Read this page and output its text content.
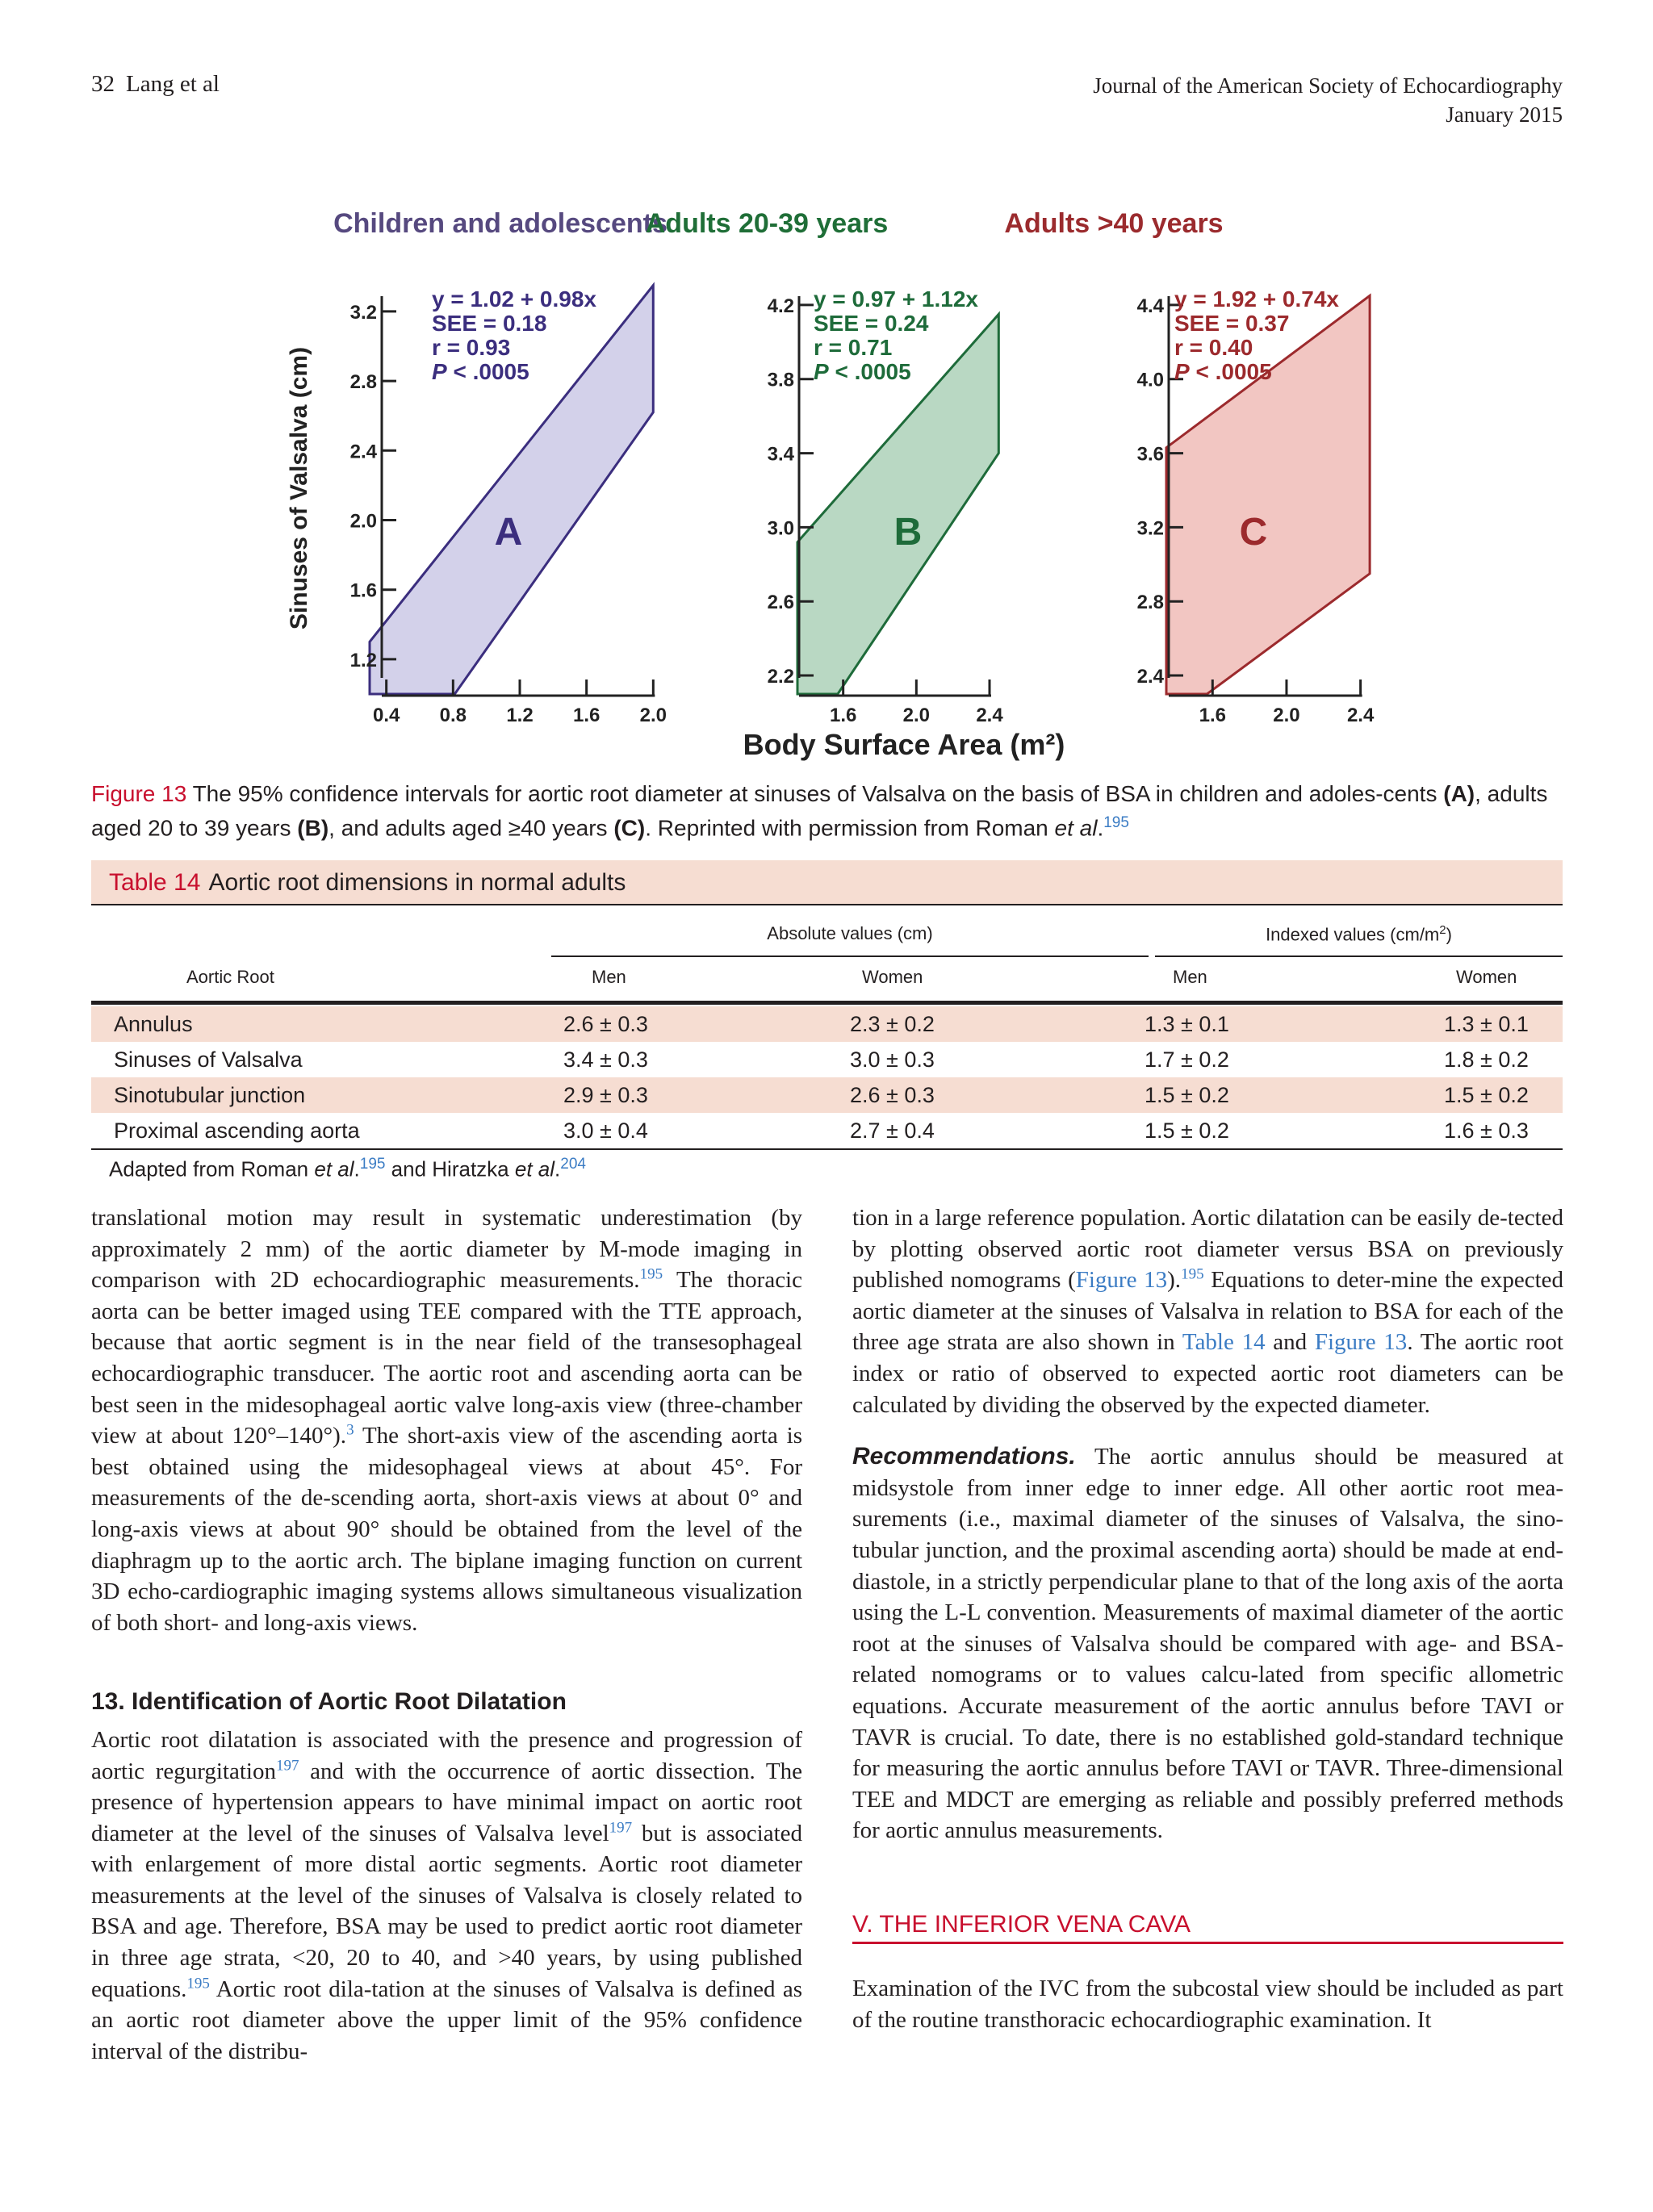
32 Lang et al	Journal of the American Society of Echocardiography
January 2015
Children and adolescents
1.2
1.6
2.0
2.4
2.8
3.2
0.4 0.8 1.2 1.6 2.0
y = 1.02 + 0.98x
SEE = 0.18
r = 0.93
P < .0005
A
Adults 20-39 years
2.2
2.6
3.0
3.4
3.8
4.2
1.6 2.0 2.4
y = 0.97 + 1.12x
SEE = 0.24
r = 0.71
P < .0005
B
Adults >40 years
2.4
2.8
3.2
3.6
4.0
4.4
1.6 2.0 2.4
y = 1.92 + 0.74x
SEE = 0.37
r = 0.40
P < .0005
C
Sinuses of Valsalva (cm)
Body Surface Area (m²)
Figure 13 The 95% confidence intervals for aortic root diameter at sinuses of Valsalva on the basis of BSA in children and adoles-cents (A), adults aged 20 to 39 years (B), and adults aged ≥40 years (C). Reprinted with permission from Roman et al.$^{195}$
Table 14 Aortic root dimensions in normal adults
Absolute values (cm)	Indexed values $(cm/m^2)$
Aortic Root	Men	Women	Men	Women
Annulus	2.6 ± 0.3	2.3 ± 0.2	1.3 ± 0.1	1.3 ± 0.1
Sinuses of Valsalva	3.4 ± 0.3	3.0 ± 0.3	1.7 ± 0.2	1.8 ± 0.2
Sinotubular junction	2.9 ± 0.3	2.6 ± 0.3	1.5 ± 0.2	1.5 ± 0.2
Proximal ascending aorta	3.0 ± 0.4	2.7 ± 0.4	1.5 ± 0.2	1.6 ± 0.3
Adapted from Roman et al.$^{195}$ and Hiratzka et al.$^{204}$

translational motion may result in systematic underestimation (by approximately 2 mm) of the aortic diameter by M-mode imaging in comparison with 2D echocardiographic measurements.$^{195}$ The thoracic aorta can be better imaged using TEE compared with the TTE approach, because that aortic segment is in the near field of the transesophageal echocardiographic transducer. The aortic root and ascending aorta can be best seen in the midesophageal aortic valve long-axis view (three-chamber view at about 120°–140°).$^3$ The short-axis view of the ascending aorta is best obtained using the midesophageal views at about 45°. For measurements of the de-scending aorta, short-axis views at about 0° and long-axis views at about 90° should be obtained from the level of the diaphragm up to the aortic arch. The biplane imaging function on current 3D echo-cardiographic imaging systems allows simultaneous visualization of both short- and long-axis views.

13. Identification of Aortic Root Dilatation

Aortic root dilatation is associated with the presence and progression of aortic regurgitation$^{197}$ and with the occurrence of aortic dissection. The presence of hypertension appears to have minimal impact on aortic root diameter at the level of the sinuses of Valsalva level$^{197}$ but is associated with enlargement of more distal aortic segments. Aortic root diameter measurements at the level of the sinuses of Valsalva is closely related to BSA and age. Therefore, BSA may be used to predict aortic root diameter in three age strata, <20, 20 to 40, and >40 years, by using published equations.$^{195}$ Aortic root dila-tation at the sinuses of Valsalva is defined as an aortic root diameter above the upper limit of the 95% confidence interval of the distribu-

tion in a large reference population. Aortic dilatation can be easily de-tected by plotting observed aortic root diameter versus BSA on previously published nomograms (Figure 13).$^{195}$ Equations to deter-mine the expected aortic diameter at the sinuses of Valsalva in relation to BSA for each of the three age strata are also shown in Table 14 and Figure 13. The aortic root index or ratio of observed to expected aortic root diameters can be calculated by dividing the observed by the expected diameter.

Recommendations. The aortic annulus should be measured at midsystole from inner edge to inner edge. All other aortic root mea-surements (i.e., maximal diameter of the sinuses of Valsalva, the sino-tubular junction, and the proximal ascending aorta) should be made at end-diastole, in a strictly perpendicular plane to that of the long axis of the aorta using the L-L convention. Measurements of maximal diameter of the aortic root at the sinuses of Valsalva should be compared with age- and BSA-related nomograms or to values calcu-lated from specific allometric equations. Accurate measurement of the aortic annulus before TAVI or TAVR is crucial. To date, there is no established gold-standard technique for measuring the aortic annulus before TAVI or TAVR. Three-dimensional TEE and MDCT are emerging as reliable and possibly preferred methods for aortic annulus measurements.

V. THE INFERIOR VENA CAVA

Examination of the IVC from the subcostal view should be included as part of the routine transthoracic echocardiographic examination. It
